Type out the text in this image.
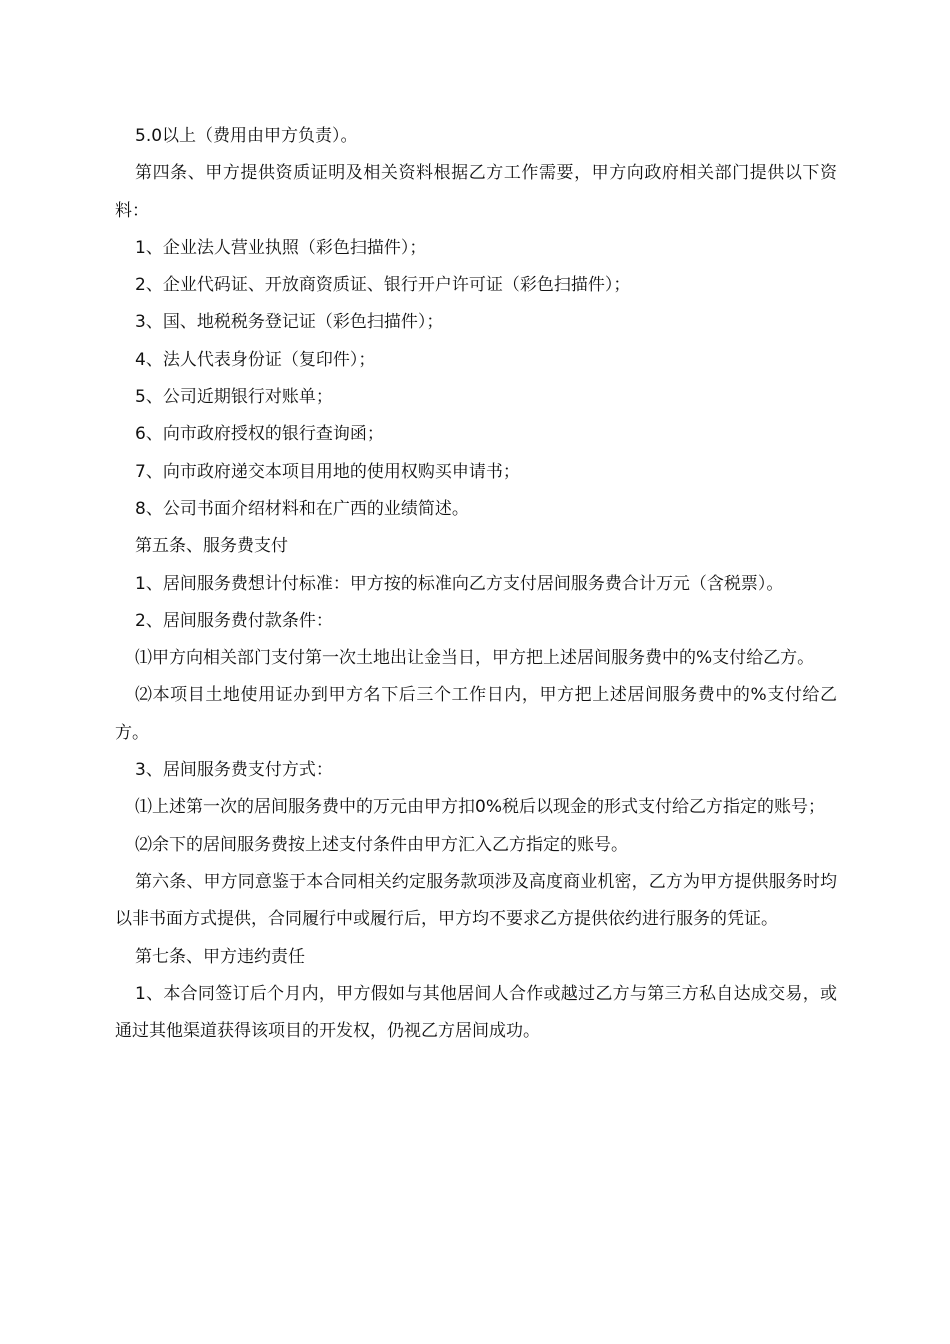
5.0以上（费用由甲方负责）。

第四条、甲方提供资质证明及相关资料根据乙方工作需要，甲方向政府相关部门提供以下资料：

1、企业法人营业执照（彩色扫描件）；

2、企业代码证、开放商资质证、银行开户许可证（彩色扫描件）；

3、国、地税税务登记证（彩色扫描件）；

4、法人代表身份证（复印件）；

5、公司近期银行对账单；

6、向市政府授权的银行查询函；

7、向市政府递交本项目用地的使用权购买申请书；

8、公司书面介绍材料和在广西的业绩简述。

第五条、服务费支付

1、居间服务费想计付标准：甲方按的标准向乙方支付居间服务费合计万元（含税票）。

2、居间服务费付款条件：

⑴甲方向相关部门支付第一次土地出让金当日，甲方把上述居间服务费中的%支付给乙方。

⑵本项目土地使用证办到甲方名下后三个工作日内，甲方把上述居间服务费中的%支付给乙方。

3、居间服务费支付方式：

⑴上述第一次的居间服务费中的万元由甲方扣0%税后以现金的形式支付给乙方指定的账号；

⑵余下的居间服务费按上述支付条件由甲方汇入乙方指定的账号。

第六条、甲方同意鉴于本合同相关约定服务款项涉及高度商业机密，乙方为甲方提供服务时均以非书面方式提供，合同履行中或履行后，甲方均不要求乙方提供依约进行服务的凭证。

第七条、甲方违约责任

1、本合同签订后个月内，甲方假如与其他居间人合作或越过乙方与第三方私自达成交易，或通过其他渠道获得该项目的开发权，仍视乙方居间成功。
